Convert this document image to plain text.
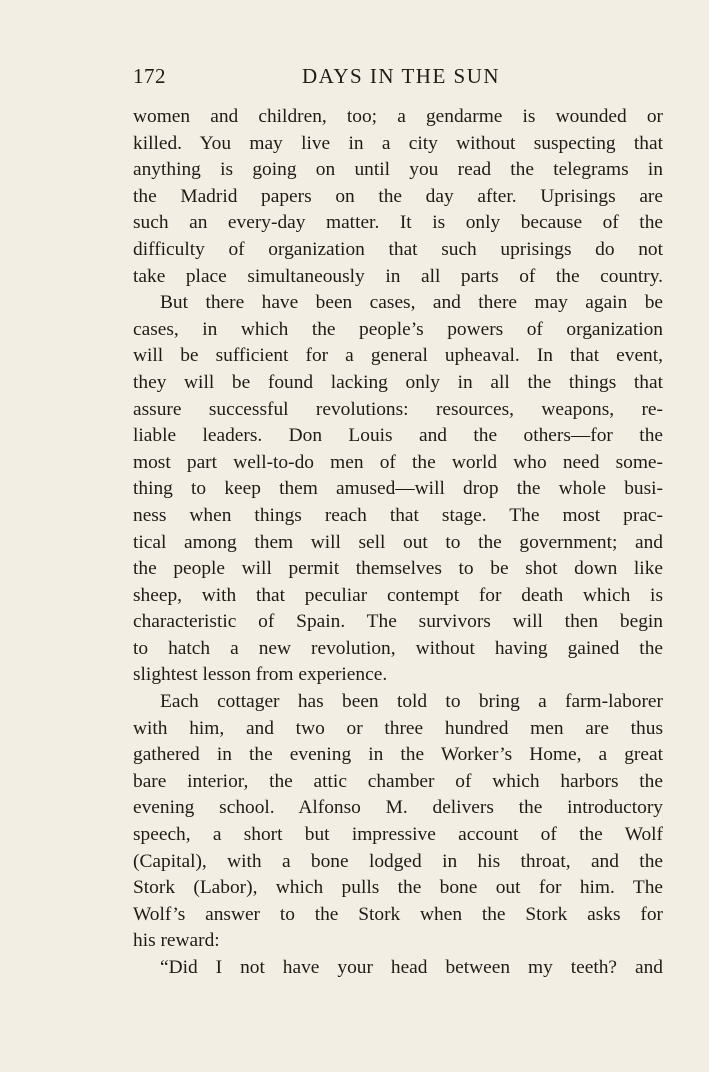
172	DAYS IN THE SUN
women and children, too; a gendarme is wounded or
killed. You may live in a city without suspecting that
anything is going on until you read the telegrams in
the Madrid papers on the day after. Uprisings are
such an every-day matter. It is only because of the
difficulty of organization that such uprisings do not
take place simultaneously in all parts of the country.
But there have been cases, and there may again be
cases, in which the people’s powers of organization
will be sufficient for a general upheaval. In that event,
they will be found lacking only in all the things that
assure successful revolutions: resources, weapons, re-
liable leaders. Don Louis and the others—for the
most part well-to-do men of the world who need some-
thing to keep them amused—will drop the whole busi-
ness when things reach that stage. The most prac-
tical among them will sell out to the government; and
the people will permit themselves to be shot down like
sheep, with that peculiar contempt for death which is
characteristic of Spain. The survivors will then begin
to hatch a new revolution, without having gained the
slightest lesson from experience.
Each cottager has been told to bring a farm-laborer
with him, and two or three hundred men are thus
gathered in the evening in the Worker’s Home, a great
bare interior, the attic chamber of which harbors the
evening school. Alfonso M. delivers the introductory
speech, a short but impressive account of the Wolf
(Capital), with a bone lodged in his throat, and the
Stork (Labor), which pulls the bone out for him. The
Wolf’s answer to the Stork when the Stork asks for
his reward:
“Did I not have your head between my teeth? and
